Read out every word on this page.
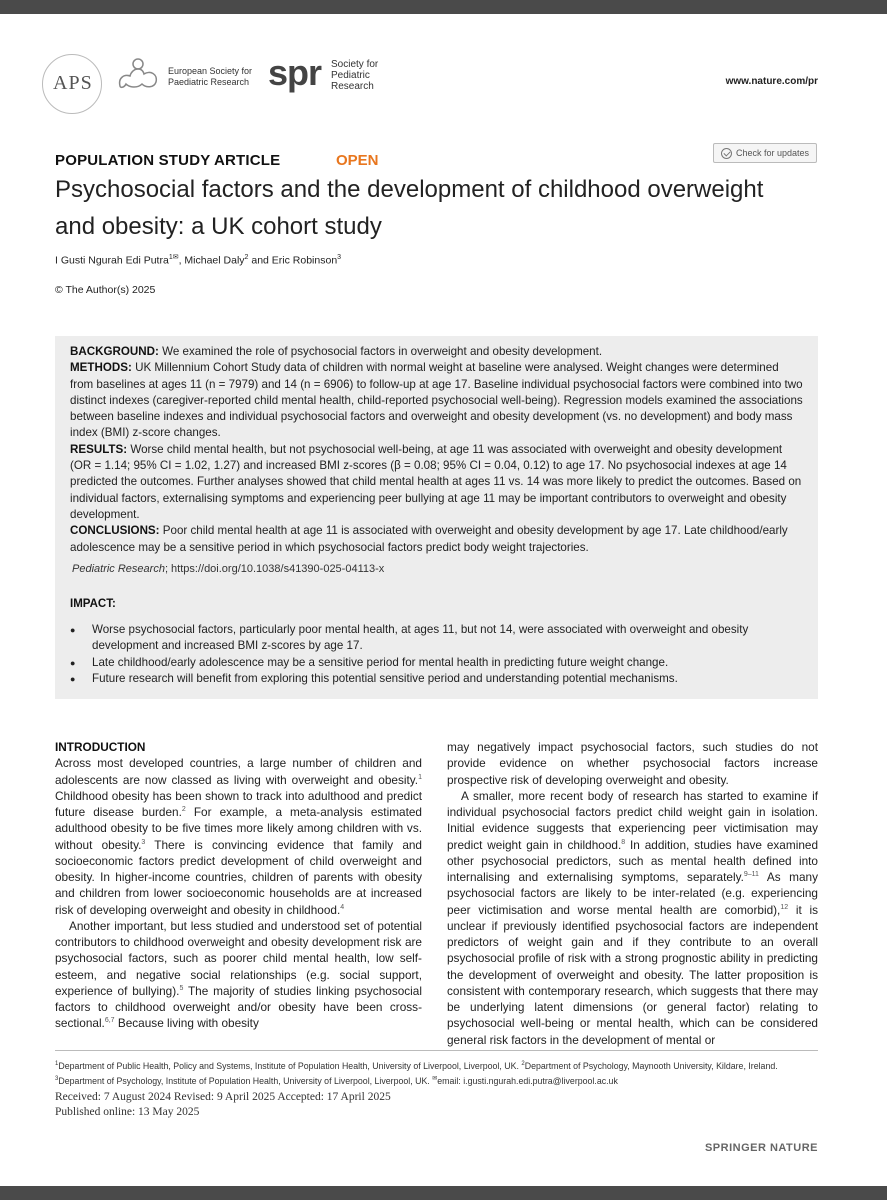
APS
European Society for Paediatric Research spr Society for Pediatric Research	www.nature.com/pr
POPULATION STUDY ARTICLE	OPEN	Check for updates
Psychosocial factors and the development of childhood overweight and obesity: a UK cohort study
I Gusti Ngurah Edi Putra$^{1✉}$, Michael Daly$^2$ and Eric Robinson$^3$
© The Author(s) 2025

BACKGROUND: We examined the role of psychosocial factors in overweight and obesity development.

METHODS: UK Millennium Cohort Study data of children with normal weight at baseline were analysed. Weight changes were determined from baselines at ages 11 (n = 7979) and 14 (n = 6906) to follow-up at age 17. Baseline individual psychosocial factors were combined into two distinct indexes (caregiver-reported child mental health, child-reported psychosocial well-being). Regression models examined the associations between baseline indexes and individual psychosocial factors and overweight and obesity development (vs. no development) and body mass index (BMI) z-score changes.

RESULTS: Worse child mental health, but not psychosocial well-being, at age 11 was associated with overweight and obesity development (OR = 1.14; 95% CI = 1.02, 1.27) and increased BMI z-scores (β = 0.08; 95% CI = 0.04, 0.12) to age 17. No psychosocial indexes at age 14 predicted the outcomes. Further analyses showed that child mental health at ages 11 vs. 14 was more likely to predict the outcomes. Based on individual factors, externalising symptoms and experiencing peer bullying at age 11 may be important contributors to overweight and obesity development.

CONCLUSIONS: Poor child mental health at age 11 is associated with overweight and obesity development by age 17. Late childhood/early adolescence may be a sensitive period in which psychosocial factors predict body weight trajectories.

Pediatric Research; https://doi.org/10.1038/s41390-025-04113-x
IMPACT:
● Worse psychosocial factors, particularly poor mental health, at ages 11, but not 14, were associated with overweight and obesity development and increased BMI z-scores by age 17.
● Late childhood/early adolescence may be a sensitive period for mental health in predicting future weight change.
● Future research will benefit from exploring this potential sensitive period and understanding potential mechanisms.
INTRODUCTION

Across most developed countries, a large number of children and adolescents are now classed as living with overweight and obesity.$^1$ Childhood obesity has been shown to track into adulthood and predict future disease burden.$^2$ For example, a meta-analysis estimated adulthood obesity to be five times more likely among children with vs. without obesity.$^3$ There is convincing evidence that family and socioeconomic factors predict development of child overweight and obesity. In higher-income countries, children of parents with obesity and children from lower socioeconomic households are at increased risk of developing overweight and obesity in childhood.$^4$

Another important, but less studied and understood set of potential contributors to childhood overweight and obesity development risk are psychosocial factors, such as poorer child mental health, low self-esteem, and negative social relationships (e.g. social support, experience of bullying).$^5$ The majority of studies linking psychosocial factors to childhood overweight and/or obesity have been cross-sectional.$^{6,7}$ Because living with obesity

may negatively impact psychosocial factors, such studies do not provide evidence on whether psychosocial factors increase prospective risk of developing overweight and obesity.

A smaller, more recent body of research has started to examine if individual psychosocial factors predict child weight gain in isolation. Initial evidence suggests that experiencing peer victimisation may predict weight gain in childhood.$^8$ In addition, studies have examined other psychosocial predictors, such as mental health defined into internalising and externalising symptoms, separately.$^{9-11}$ As many psychosocial factors are likely to be inter-related (e.g. experiencing peer victimisation and worse mental health are comorbid),$^{12}$ it is unclear if previously identified psychosocial factors are independent predictors of weight gain and if they contribute to an overall psychosocial profile of risk with a strong prognostic ability in predicting the development of overweight and obesity. The latter proposition is consistent with contemporary research, which suggests that there may be underlying latent dimensions (or general factor) relating to psychosocial well-being or mental health, which can be considered general risk factors in the development of mental or

$^1$Department of Public Health, Policy and Systems, Institute of Population Health, University of Liverpool, Liverpool, UK. $^2$Department of Psychology, Maynooth University, Kildare, Ireland. $^3$Department of Psychology, Institute of Population Health, University of Liverpool, Liverpool, UK. ✉email: i.gusti.ngurah.edi.putra@liverpool.ac.uk
Received: 7 August 2024 Revised: 9 April 2025 Accepted: 17 April 2025
Published online: 13 May 2025
SPRINGER NATURE
